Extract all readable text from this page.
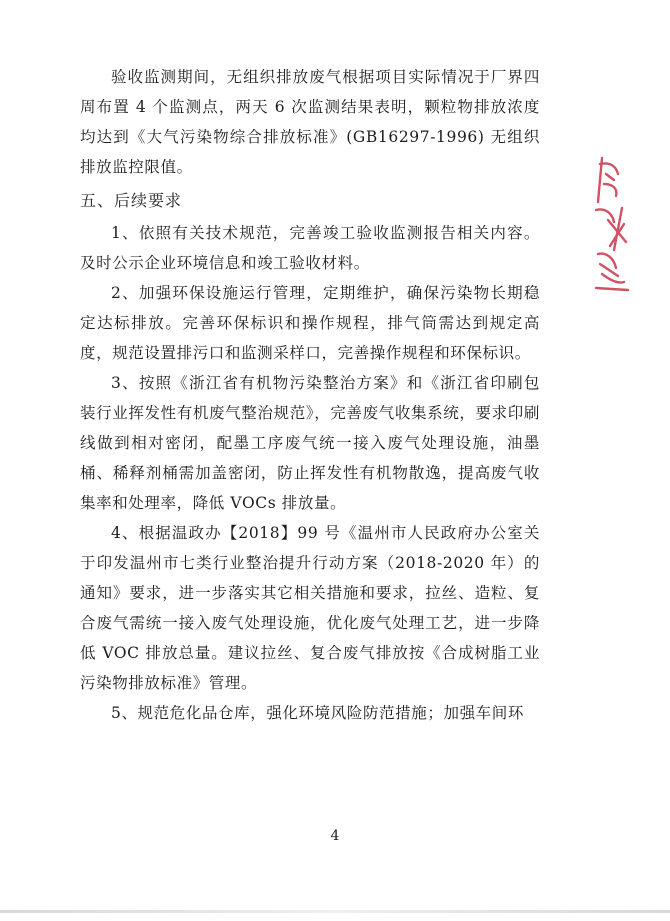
验收监测期间，无组织排放废气根据项目实际情况于厂界四周布置 4 个监测点，两天 6 次监测结果表明，颗粒物排放浓度均达到《大气污染物综合排放标准》(GB16297-1996) 无组织排放监控限值。

五、后续要求

1、依照有关技术规范，完善竣工验收监测报告相关内容。及时公示企业环境信息和竣工验收材料。

2、加强环保设施运行管理，定期维护，确保污染物长期稳定达标排放。完善环保标识和操作规程，排气筒需达到规定高度，规范设置排污口和监测采样口，完善操作规程和环保标识。

3、按照《浙江省有机物污染整治方案》和《浙江省印刷包装行业挥发性有机废气整治规范》，完善废气收集系统，要求印刷线做到相对密闭，配墨工序废气统一接入废气处理设施，油墨桶、稀释剂桶需加盖密闭，防止挥发性有机物散逸，提高废气收集率和处理率，降低 VOCs 排放量。

4、根据温政办【2018】99 号《温州市人民政府办公室关于印发温州市七类行业整治提升行动方案（2018-2020 年）的通知》要求，进一步落实其它相关措施和要求，拉丝、造粒、复合废气需统一接入废气处理设施，优化废气处理工艺，进一步降低 VOC 排放总量。建议拉丝、复合废气排放按《合成树脂工业污染物排放标准》管理。

5、规范危化品仓库，强化环境风险防范措施；加强车间环

4
